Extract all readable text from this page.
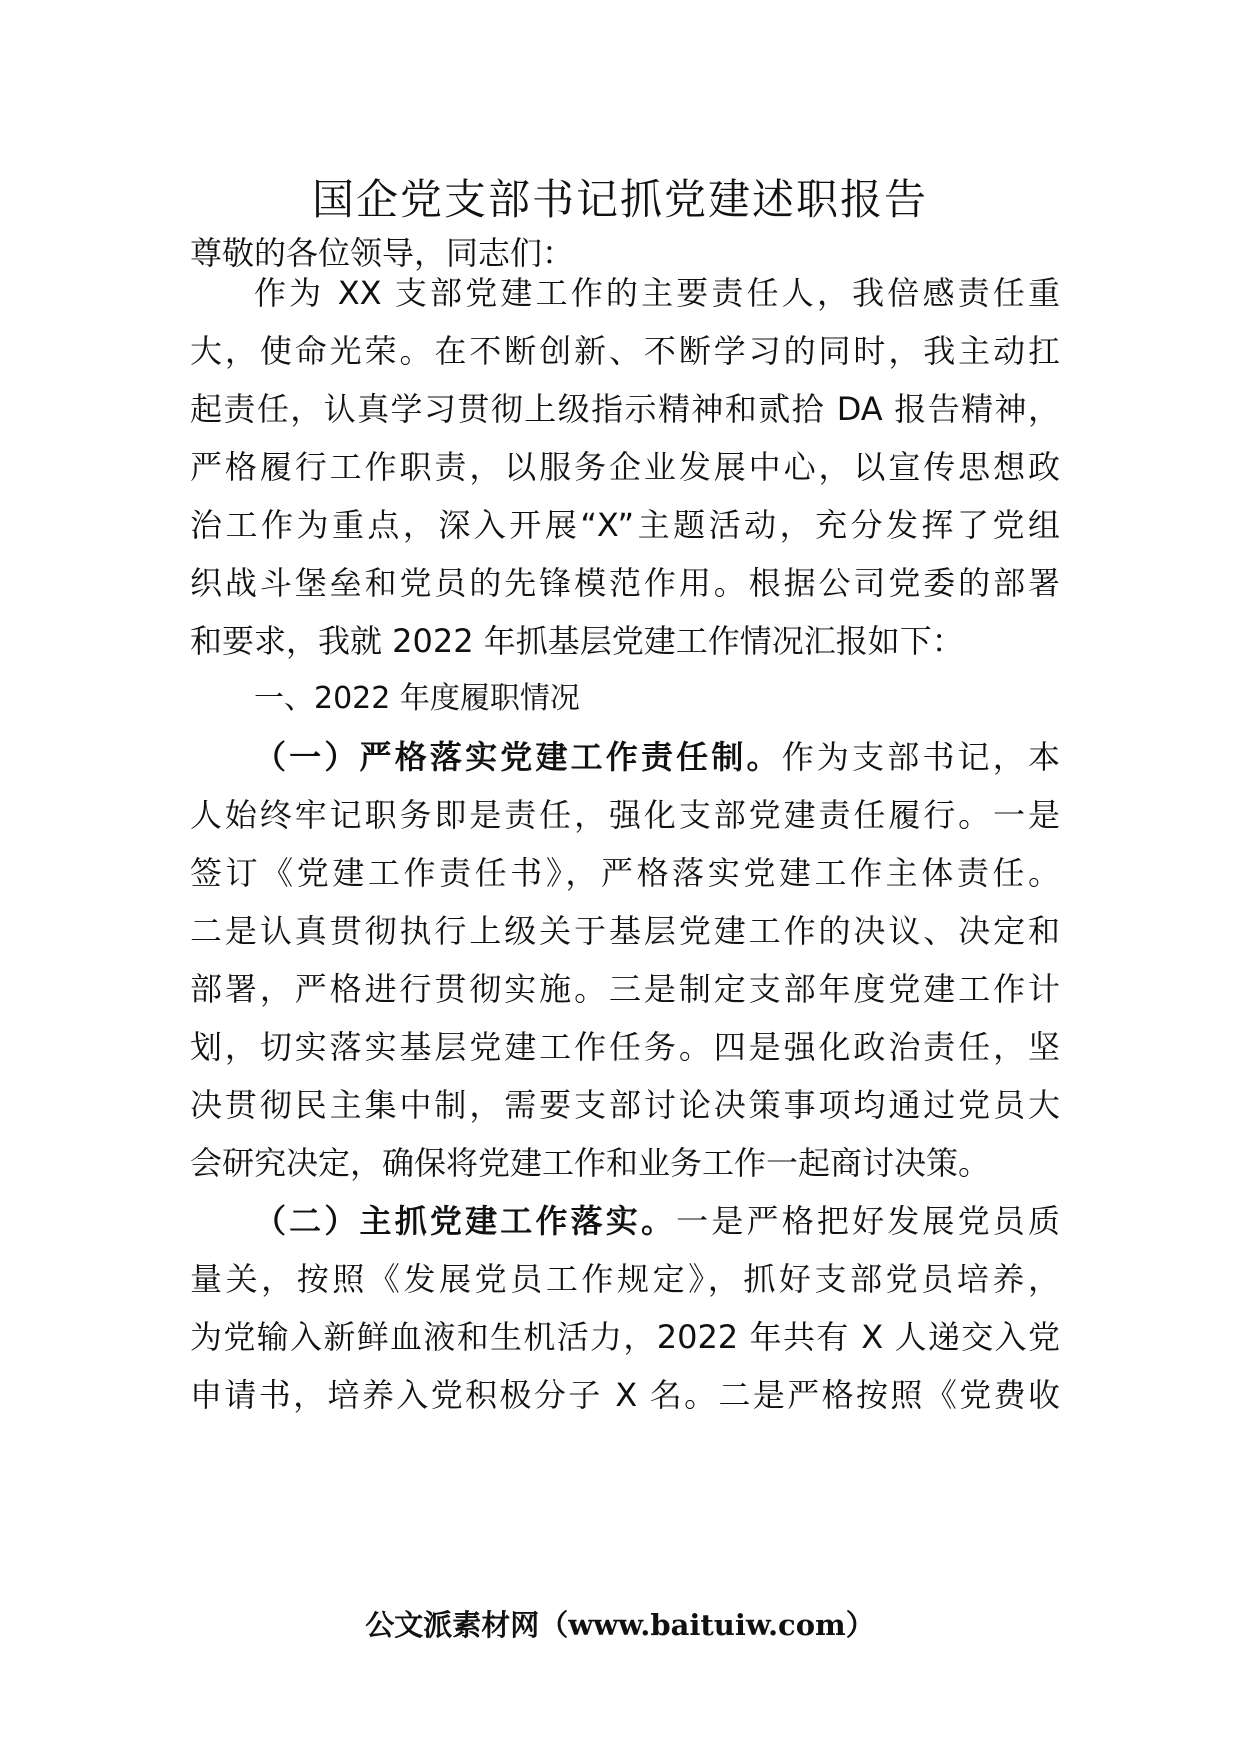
国企党支部书记抓党建述职报告
尊敬的各位领导，同志们：
作为 XX 支部党建工作的主要责任人，我倍感责任重
大，使命光荣。在不断创新、不断学习的同时，我主动扛
起责任，认真学习贯彻上级指示精神和贰拾 DA 报告精神，
严格履行工作职责，以服务企业发展中心，以宣传思想政
治工作为重点，深入开展“X”主题活动，充分发挥了党组
织战斗堡垒和党员的先锋模范作用。根据公司党委的部署
和要求，我就 2022 年抓基层党建工作情况汇报如下：
一、2022 年度履职情况
（一）严格落实党建工作责任制。作为支部书记，本
人始终牢记职务即是责任，强化支部党建责任履行。一是
签订《党建工作责任书》，严格落实党建工作主体责任。
二是认真贯彻执行上级关于基层党建工作的决议、决定和
部署，严格进行贯彻实施。三是制定支部年度党建工作计
划，切实落实基层党建工作任务。四是强化政治责任，坚
决贯彻民主集中制，需要支部讨论决策事项均通过党员大
会研究决定，确保将党建工作和业务工作一起商讨决策。
（二）主抓党建工作落实。一是严格把好发展党员质
量关，按照《发展党员工作规定》，抓好支部党员培养，
为党输入新鲜血液和生机活力，2022 年共有 X 人递交入党
申请书，培养入党积极分子 X 名。二是严格按照《党费收
公文派素材网（www.baituiw.com）
